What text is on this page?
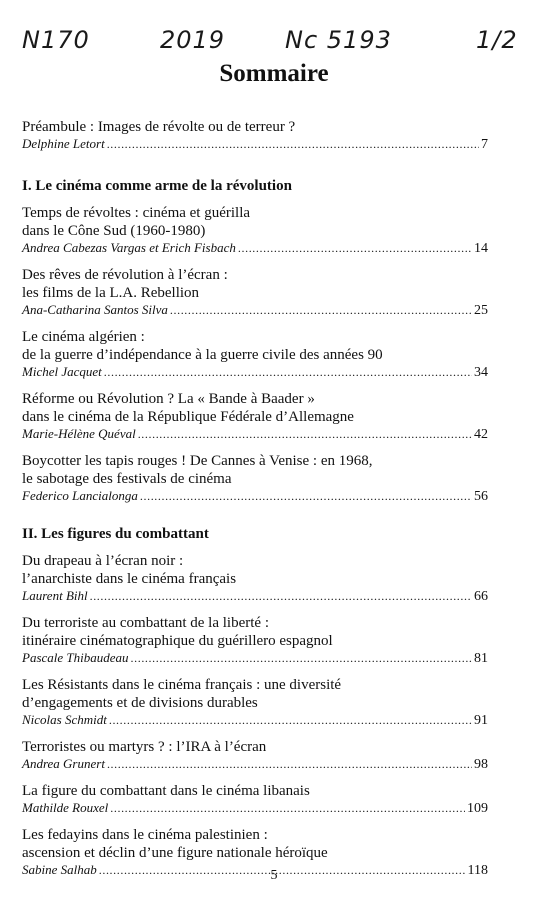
N170	2019 Nc 5193	1/2
Sommaire
Préambule : Images de révolte ou de terreur ?
Delphine Letort .....	7
I. Le cinéma comme arme de la révolution
Temps de révoltes : cinéma et guérilla
dans le Cône Sud (1960-1980)
Andrea Cabezas Vargas et Erich Fisbach .....	14
Des rêves de révolution à l’écran :
les films de la L.A. Rebellion
Ana-Catharina Santos Silva .....	25
Le cinéma algérien :
de la guerre d’indépendance à la guerre civile des années 90
Michel Jacquet .....	34
Réforme ou Révolution ? La « Bande à Baader »
dans le cinéma de la République Fédérale d’Allemagne
Marie-Hélène Quéval .....	42
Boycotter les tapis rouges ! De Cannes à Venise : en 1968,
le sabotage des festivals de cinéma
Federico Lancialonga .....	56
II. Les figures du combattant
Du drapeau à l’écran noir :
l’anarchiste dans le cinéma français
Laurent Bihl .....	66
Du terroriste au combattant de la liberté :
itinéraire cinématographique du guérillero espagnol
Pascale Thibaudeau .....	81
Les Résistants dans le cinéma français : une diversité
d’engagements et de divisions durables
Nicolas Schmidt .....	91
Terroristes ou martyrs ? : l’IRA à l’écran
Andrea Grunert .....	98
La figure du combattant dans le cinéma libanais
Mathilde Rouxel .....	109
Les fedayins dans le cinéma palestinien :
ascension et déclin d’une figure nationale héroïque
Sabine Salhab .....	118
5
